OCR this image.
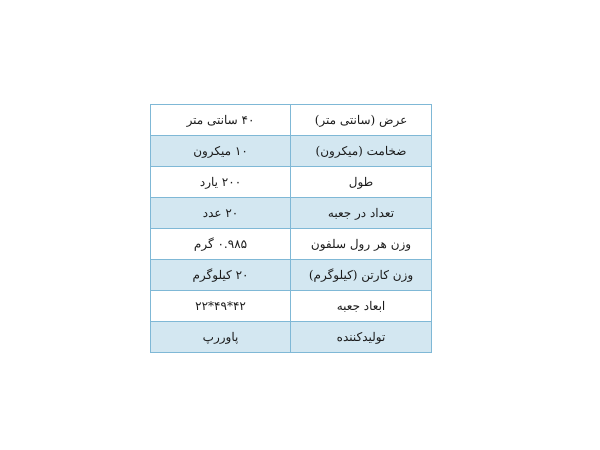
عرض (سانتی متر)	۴۰ سانتی متر
ضخامت (میکرون)	۱۰ میکرون
طول	۲۰۰ یارد
تعداد در جعبه	۲۰ عدد
وزن هر رول سلفون	۰.۹۸۵ گرم
وزن کارتن (کیلوگرم)	۲۰ کیلوگرم
ابعاد جعبه	۴۲*۴۹*۲۲
تولیدکننده	پاوررپ
